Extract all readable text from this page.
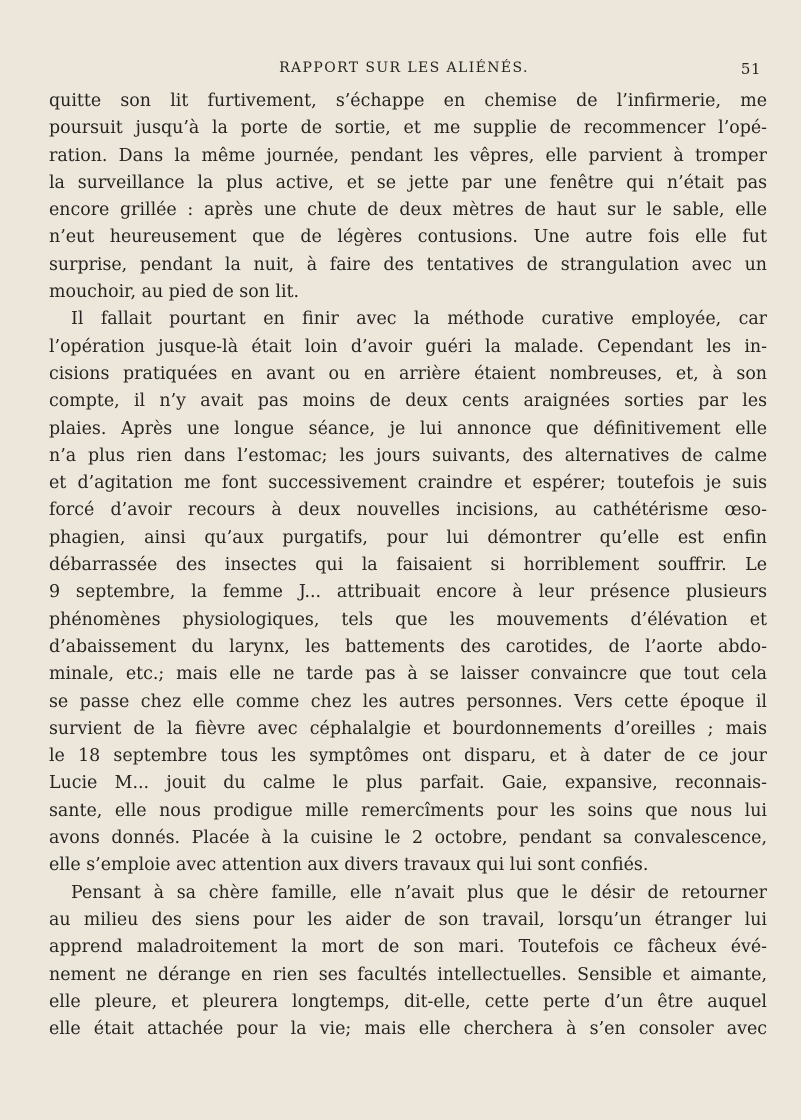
RAPPORT SUR LES ALIÉNÉS.	51
quitte son lit furtivement, s’échappe en chemise de l’infirmerie, me
poursuit jusqu’à la porte de sortie, et me supplie de recommencer l’opé-
ration. Dans la même journée, pendant les vêpres, elle parvient à tromper
la surveillance la plus active, et se jette par une fenêtre qui n’était pas
encore grillée : après une chute de deux mètres de haut sur le sable, elle
n’eut heureusement que de légères contusions. Une autre fois elle fut
surprise, pendant la nuit, à faire des tentatives de strangulation avec un
mouchoir, au pied de son lit.
Il fallait pourtant en finir avec la méthode curative employée, car
l’opération jusque-là était loin d’avoir guéri la malade. Cependant les in-
cisions pratiquées en avant ou en arrière étaient nombreuses, et, à son
compte, il n’y avait pas moins de deux cents araignées sorties par les
plaies. Après une longue séance, je lui annonce que définitivement elle
n’a plus rien dans l’estomac; les jours suivants, des alternatives de calme
et d’agitation me font successivement craindre et espérer; toutefois je suis
forcé d’avoir recours à deux nouvelles incisions, au cathétérisme œso-
phagien, ainsi qu’aux purgatifs, pour lui démontrer qu’elle est enfin
débarrassée des insectes qui la faisaient si horriblement souffrir. Le
9 septembre, la femme J... attribuait encore à leur présence plusieurs
phénomènes physiologiques, tels que les mouvements d’élévation et
d’abaissement du larynx, les battements des carotides, de l’aorte abdo-
minale, etc.; mais elle ne tarde pas à se laisser convaincre que tout cela
se passe chez elle comme chez les autres personnes. Vers cette époque il
survient de la fièvre avec céphalalgie et bourdonnements d’oreilles ; mais
le 18 septembre tous les symptômes ont disparu, et à dater de ce jour
Lucie M... jouit du calme le plus parfait. Gaie, expansive, reconnais-
sante, elle nous prodigue mille remercîments pour les soins que nous lui
avons donnés. Placée à la cuisine le 2 octobre, pendant sa convalescence,
elle s’emploie avec attention aux divers travaux qui lui sont confiés.
Pensant à sa chère famille, elle n’avait plus que le désir de retourner
au milieu des siens pour les aider de son travail, lorsqu’un étranger lui
apprend maladroitement la mort de son mari. Toutefois ce fâcheux évé-
nement ne dérange en rien ses facultés intellectuelles. Sensible et aimante,
elle pleure, et pleurera longtemps, dit-elle, cette perte d’un être auquel
elle était attachée pour la vie; mais elle cherchera à s’en consoler avec
